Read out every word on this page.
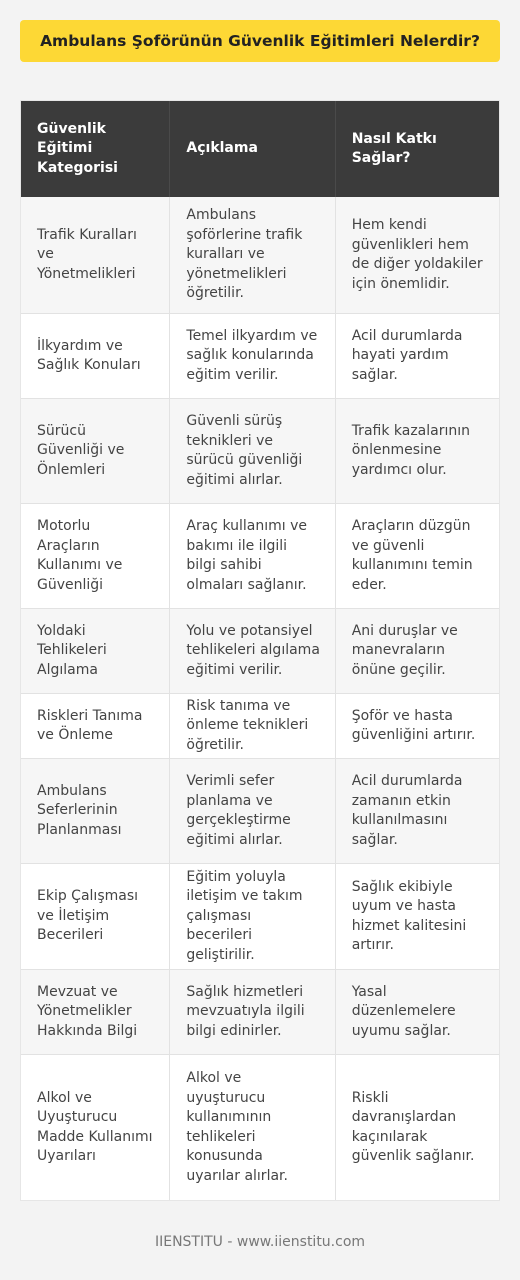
Ambulans Şoförünün Güvenlik Eğitimleri Nelerdir?
Güvenlik Eğitimi Kategorisi
Açıklama
Nasıl Katkı Sağlar?
Trafik Kuralları ve Yönetmelikleri
Ambulans şoförlerine trafik kuralları ve yönetmelikleri öğretilir.
Hem kendi güvenlikleri hem de diğer yoldakiler için önemlidir.
İlkyardım ve Sağlık Konuları
Temel ilkyardım ve sağlık konularında eğitim verilir.
Acil durumlarda hayati yardım sağlar.
Sürücü Güvenliği ve Önlemleri
Güvenli sürüş teknikleri ve sürücü güvenliği eğitimi alırlar.
Trafik kazalarının önlenmesine yardımcı olur.
Motorlu Araçların Kullanımı ve Güvenliği
Araç kullanımı ve bakımı ile ilgili bilgi sahibi olmaları sağlanır.
Araçların düzgün ve güvenli kullanımını temin eder.
Yoldaki Tehlikeleri Algılama
Yolu ve potansiyel tehlikeleri algılama eğitimi verilir.
Ani duruşlar ve manevraların önüne geçilir.
Riskleri Tanıma ve Önleme
Risk tanıma ve önleme teknikleri öğretilir.
Şoför ve hasta güvenliğini artırır.
Ambulans Seferlerinin Planlanması
Verimli sefer planlama ve gerçekleştirme eğitimi alırlar.
Acil durumlarda zamanın etkin kullanılmasını sağlar.
Ekip Çalışması ve İletişim Becerileri
Eğitim yoluyla iletişim ve takım çalışması becerileri geliştirilir.
Sağlık ekibiyle uyum ve hasta hizmet kalitesini artırır.
Mevzuat ve Yönetmelikler Hakkında Bilgi
Sağlık hizmetleri mevzuatıyla ilgili bilgi edinirler.
Yasal düzenlemelere uyumu sağlar.
Alkol ve Uyuşturucu Madde Kullanımı Uyarıları
Alkol ve uyuşturucu kullanımının tehlikeleri konusunda uyarılar alırlar.
Riskli davranışlardan kaçınılarak güvenlik sağlanır.
IIENSTITU - www.iienstitu.com
